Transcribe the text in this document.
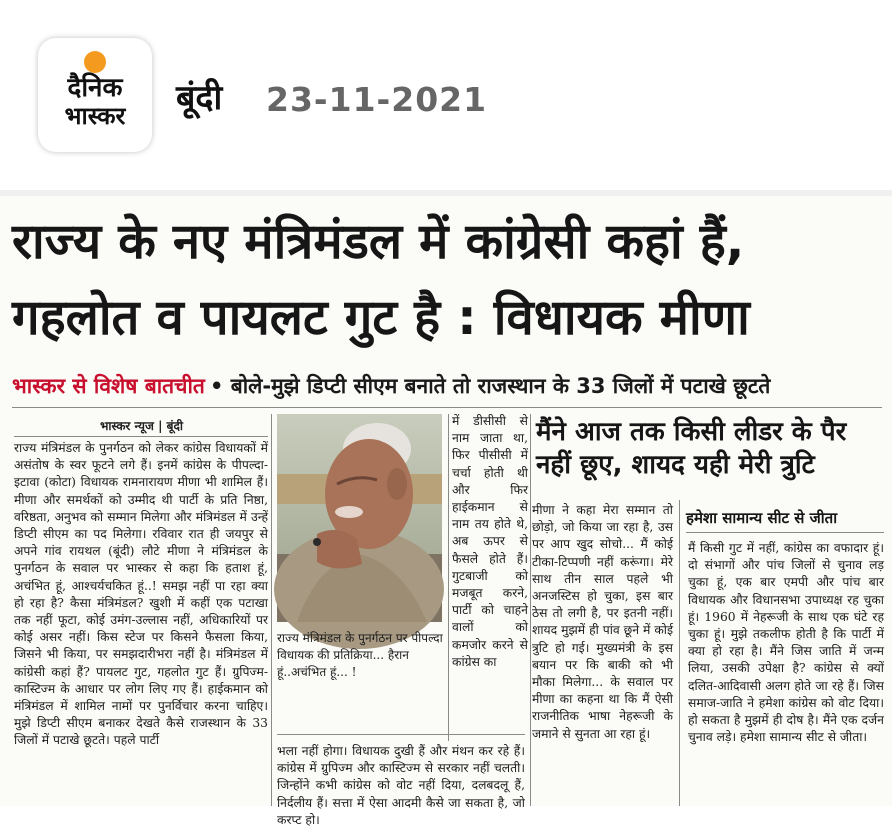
दैनिक
भास्कर	बूंदी 23-11-2021
राज्य के नए मंत्रिमंडल में कांग्रेसी कहां हैं,
गहलोत व पायलट गुट है : विधायक मीणा
भास्कर से विशेष बातचीत • बोले-मुझे डिप्टी सीएम बनाते तो राजस्थान के 33 जिलों में पटाखे छूटते
भास्कर न्यूज | बूंदी
राज्य मंत्रिमंडल के पुनर्गठन को लेकर कांग्रेस विधायकों में असंतोष के स्वर फूटने लगे हैं। इनमें कांग्रेस के पीपल्दा-इटावा (कोटा) विधायक रामनारायण मीणा भी शामिल हैं। मीणा और समर्थकों को उम्मीद थी पार्टी के प्रति निष्ठा, वरिष्ठता, अनुभव को सम्मान मिलेगा और मंत्रिमंडल में उन्हें डिप्टी सीएम का पद मिलेगा। रविवार रात ही जयपुर से अपने गांव रायथल (बूंदी) लौटे मीणा ने मंत्रिमंडल के पुनर्गठन के सवाल पर भास्कर से कहा कि हताश हूं, अचंभित हूं, आश्चर्यचकित हूं..! समझ नहीं पा रहा क्या हो रहा है? कैसा मंत्रिमंडल? खुशी में कहीं एक पटाखा तक नहीं फूटा, कोई उमंग-उल्लास नहीं, अधिकारियों पर कोई असर नहीं। किस स्टेज पर किसने फैसला किया, जिसने भी किया, पर समझदारीभरा नहीं है। मंत्रिमंडल में कांग्रेसी कहां हैं? पायलट गुट, गहलोत गुट हैं। ग्रुपिज्म-कास्टिज्म के आधार पर लोग लिए गए हैं। हाईकमान को मंत्रिमंडल में शामिल नामों पर पुनर्विचार करना चाहिए। मुझे डिप्टी सीएम बनाकर देखते कैसे राजस्थान के 33 जिलों में पटाखे छूटते। पहले पार्टी
राज्य मंत्रिमंडल के पुनर्गठन पर पीपल्दा विधायक की प्रतिक्रिया... हैरान हूं..अचंभित हूं... !
में डीसीसी से नाम जाता था, फिर पीसीसी में चर्चा होती थी और फिर हाईकमान से नाम तय होते थे, अब ऊपर से फैसले होते हैं। गुटबाजी को मजबूत करने, पार्टी को चाहने वालों को कमजोर करने से कांग्रेस का
भला नहीं होगा। विधायक दुखी हैं और मंथन कर रहे हैं। कांग्रेस में ग्रुपिज्म और कास्टिज्म से सरकार नहीं चलती। जिन्होंने कभी कांग्रेस को वोट नहीं दिया, दलबदलू हैं, निर्दलीय हैं। सत्ता में ऐसा आदमी कैसे जा सकता है, जो करप्ट हो।
मैंने आज तक किसी लीडर के पैर नहीं छूए, शायद यही मेरी त्रुटि
मीणा ने कहा मेरा सम्मान तो छोड़ो, जो किया जा रहा है, उस पर आप खुद सोचो... मैं कोई टीका-टिप्पणी नहीं करूंगा। मेरे साथ तीन साल पहले भी अनजस्टिस हो चुका, इस बार ठेस तो लगी है, पर इतनी नहीं। शायद मुझमें ही पांव छूने में कोई त्रुटि हो गई। मुख्यमंत्री के इस बयान पर कि बाकी को भी मौका मिलेगा... के सवाल पर मीणा का कहना था कि मैं ऐसी राजनीतिक भाषा नेहरूजी के जमाने से सुनता आ रहा हूं।
हमेशा सामान्य सीट से जीता
मैं किसी गुट में नहीं, कांग्रेस का वफादार हूं। दो संभागों और पांच जिलों से चुनाव लड़ चुका हूं, एक बार एमपी और पांच बार विधायक और विधानसभा उपाध्यक्ष रह चुका हूं। 1960 में नेहरूजी के साथ एक घंटे रह चुका हूं। मुझे तकलीफ होती है कि पार्टी में क्या हो रहा है। मैंने जिस जाति में जन्म लिया, उसकी उपेक्षा है? कांग्रेस से क्यों दलित-आदिवासी अलग होते जा रहे हैं। जिस समाज-जाति ने हमेशा कांग्रेस को वोट दिया। हो सकता है मुझमें ही दोष है। मैंने एक दर्जन चुनाव लड़े। हमेशा सामान्य सीट से जीता।
